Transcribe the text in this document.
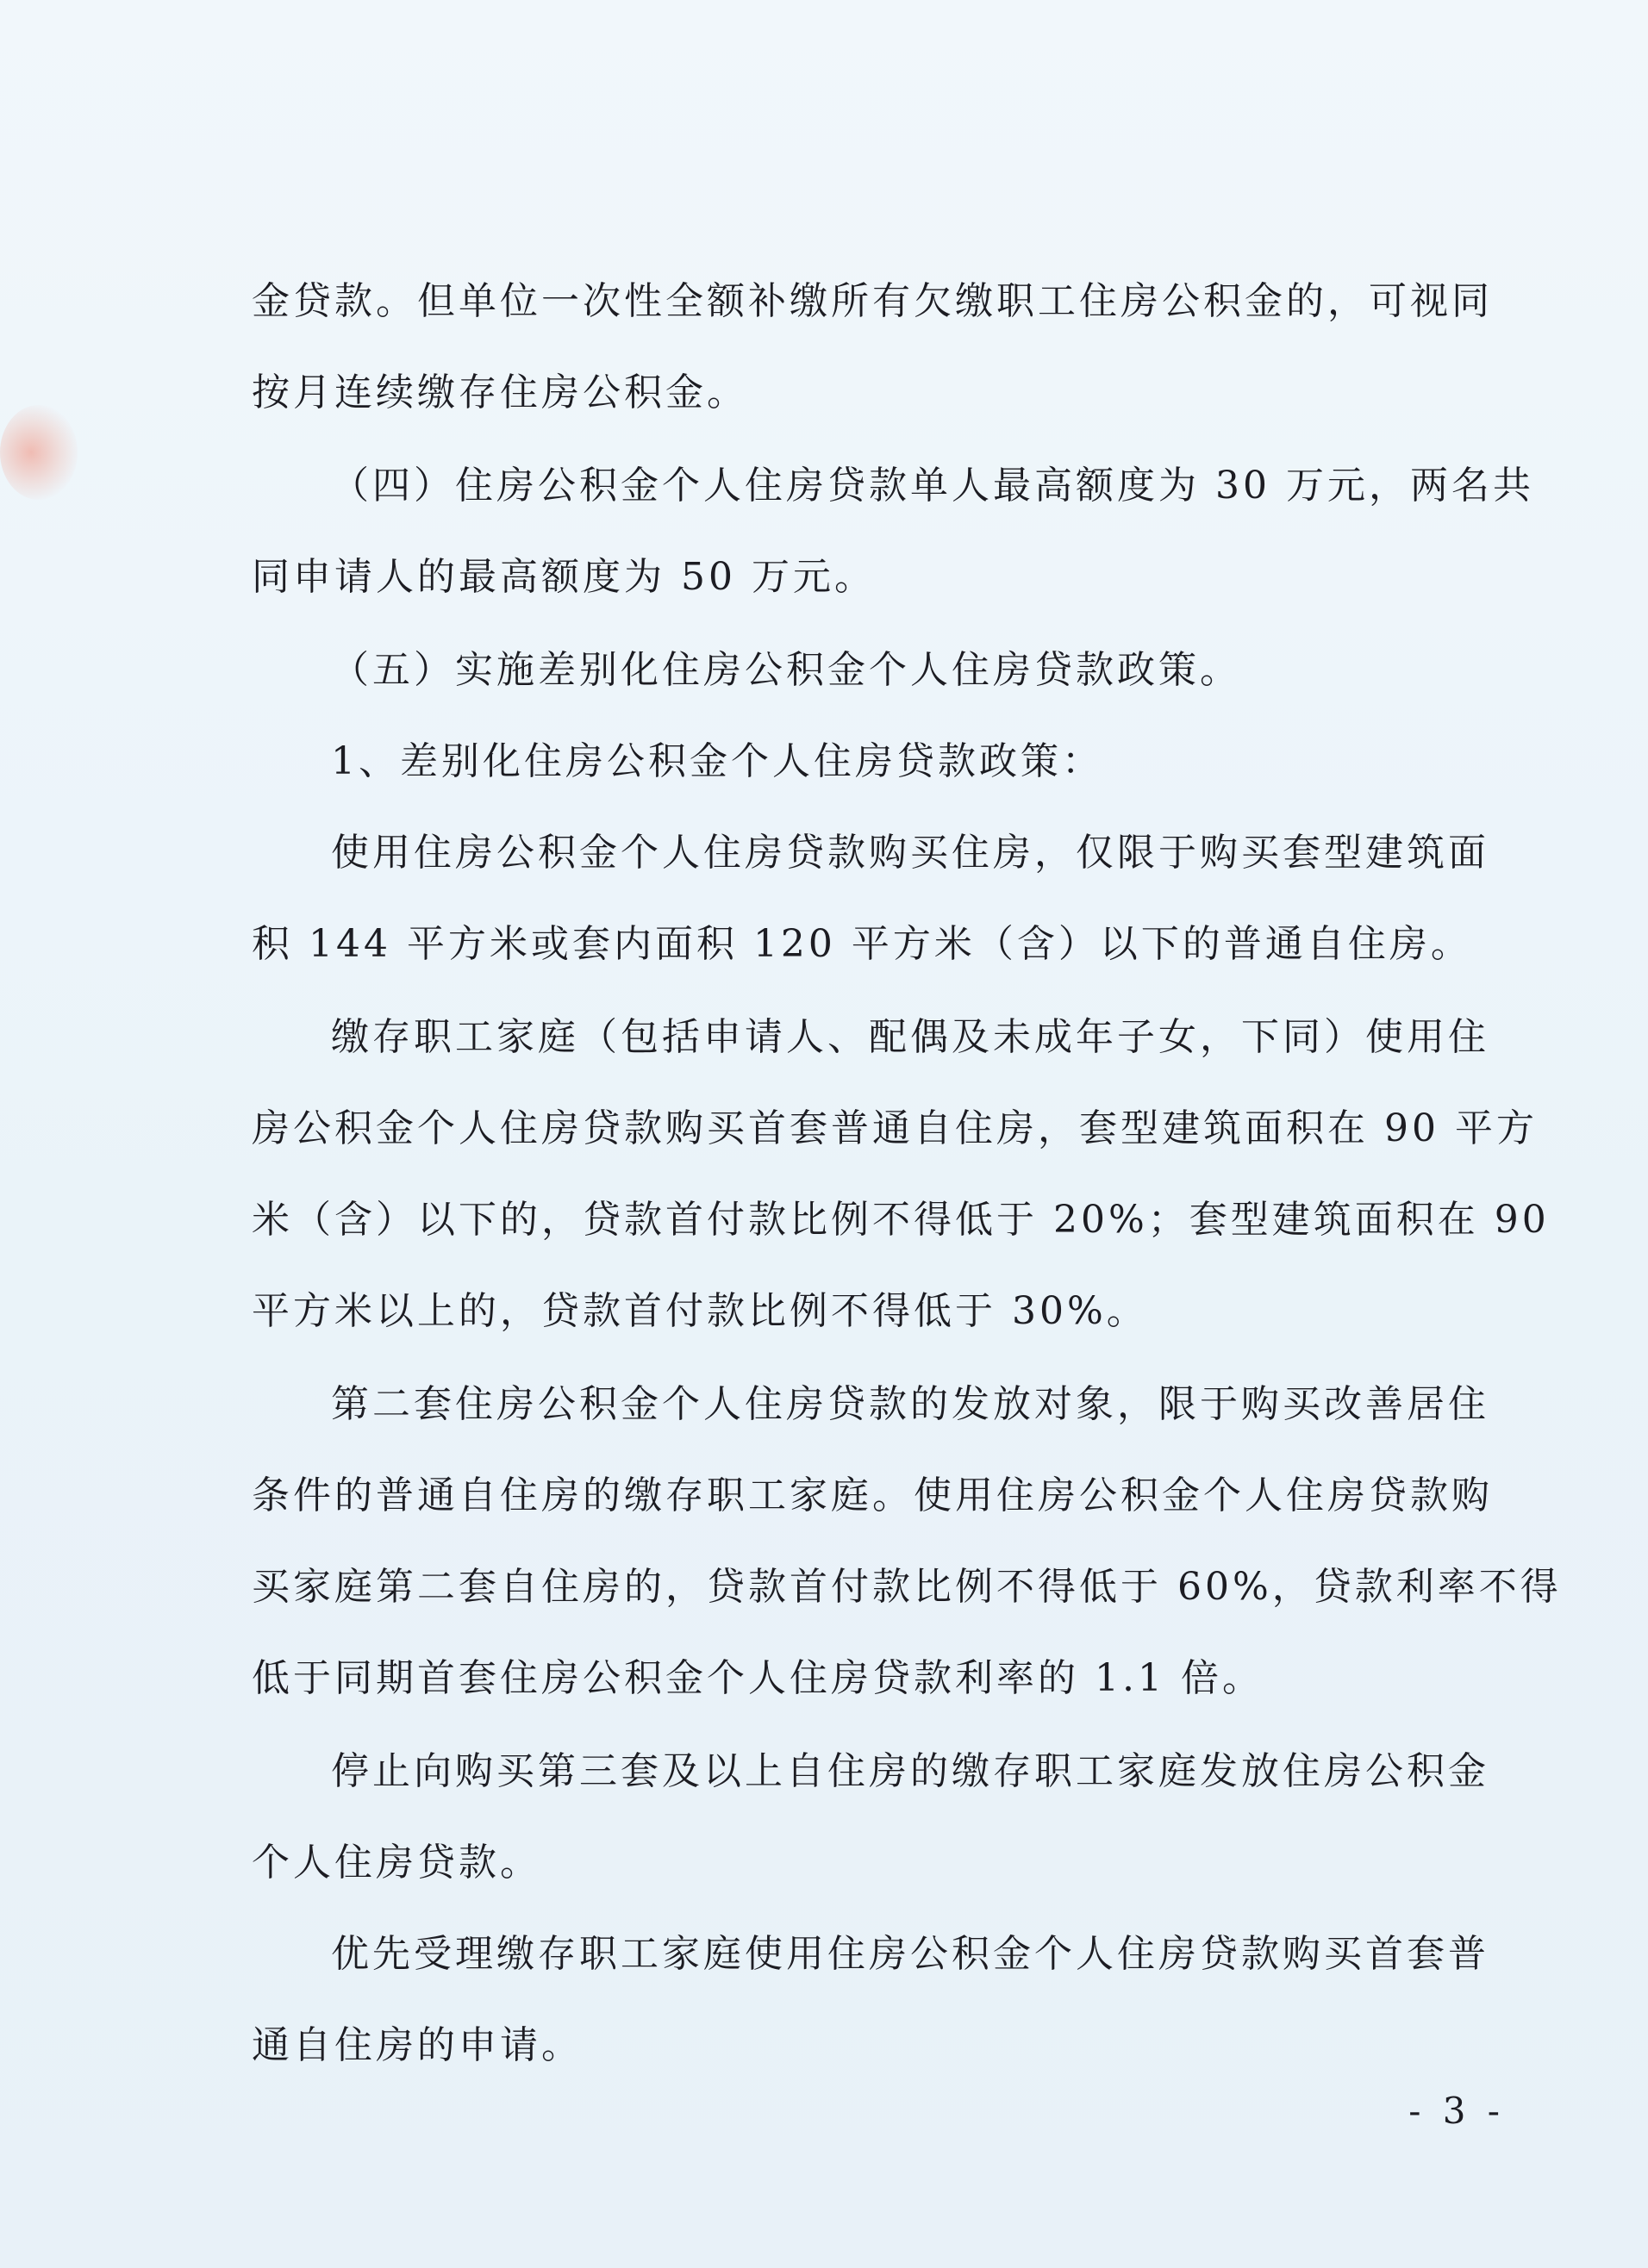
金贷款。但单位一次性全额补缴所有欠缴职工住房公积金的，可视同
按月连续缴存住房公积金。
（四）住房公积金个人住房贷款单人最高额度为 30 万元，两名共
同申请人的最高额度为 50 万元。
（五）实施差别化住房公积金个人住房贷款政策。
1、差别化住房公积金个人住房贷款政策：
使用住房公积金个人住房贷款购买住房，仅限于购买套型建筑面
积 144 平方米或套内面积 120 平方米（含）以下的普通自住房。
缴存职工家庭（包括申请人、配偶及未成年子女，下同）使用住
房公积金个人住房贷款购买首套普通自住房，套型建筑面积在 90 平方
米（含）以下的，贷款首付款比例不得低于 20%；套型建筑面积在 90
平方米以上的，贷款首付款比例不得低于 30%。
第二套住房公积金个人住房贷款的发放对象，限于购买改善居住
条件的普通自住房的缴存职工家庭。使用住房公积金个人住房贷款购
买家庭第二套自住房的，贷款首付款比例不得低于 60%，贷款利率不得
低于同期首套住房公积金个人住房贷款利率的 1.1 倍。
停止向购买第三套及以上自住房的缴存职工家庭发放住房公积金
个人住房贷款。
优先受理缴存职工家庭使用住房公积金个人住房贷款购买首套普
通自住房的申请。
- 3 -
